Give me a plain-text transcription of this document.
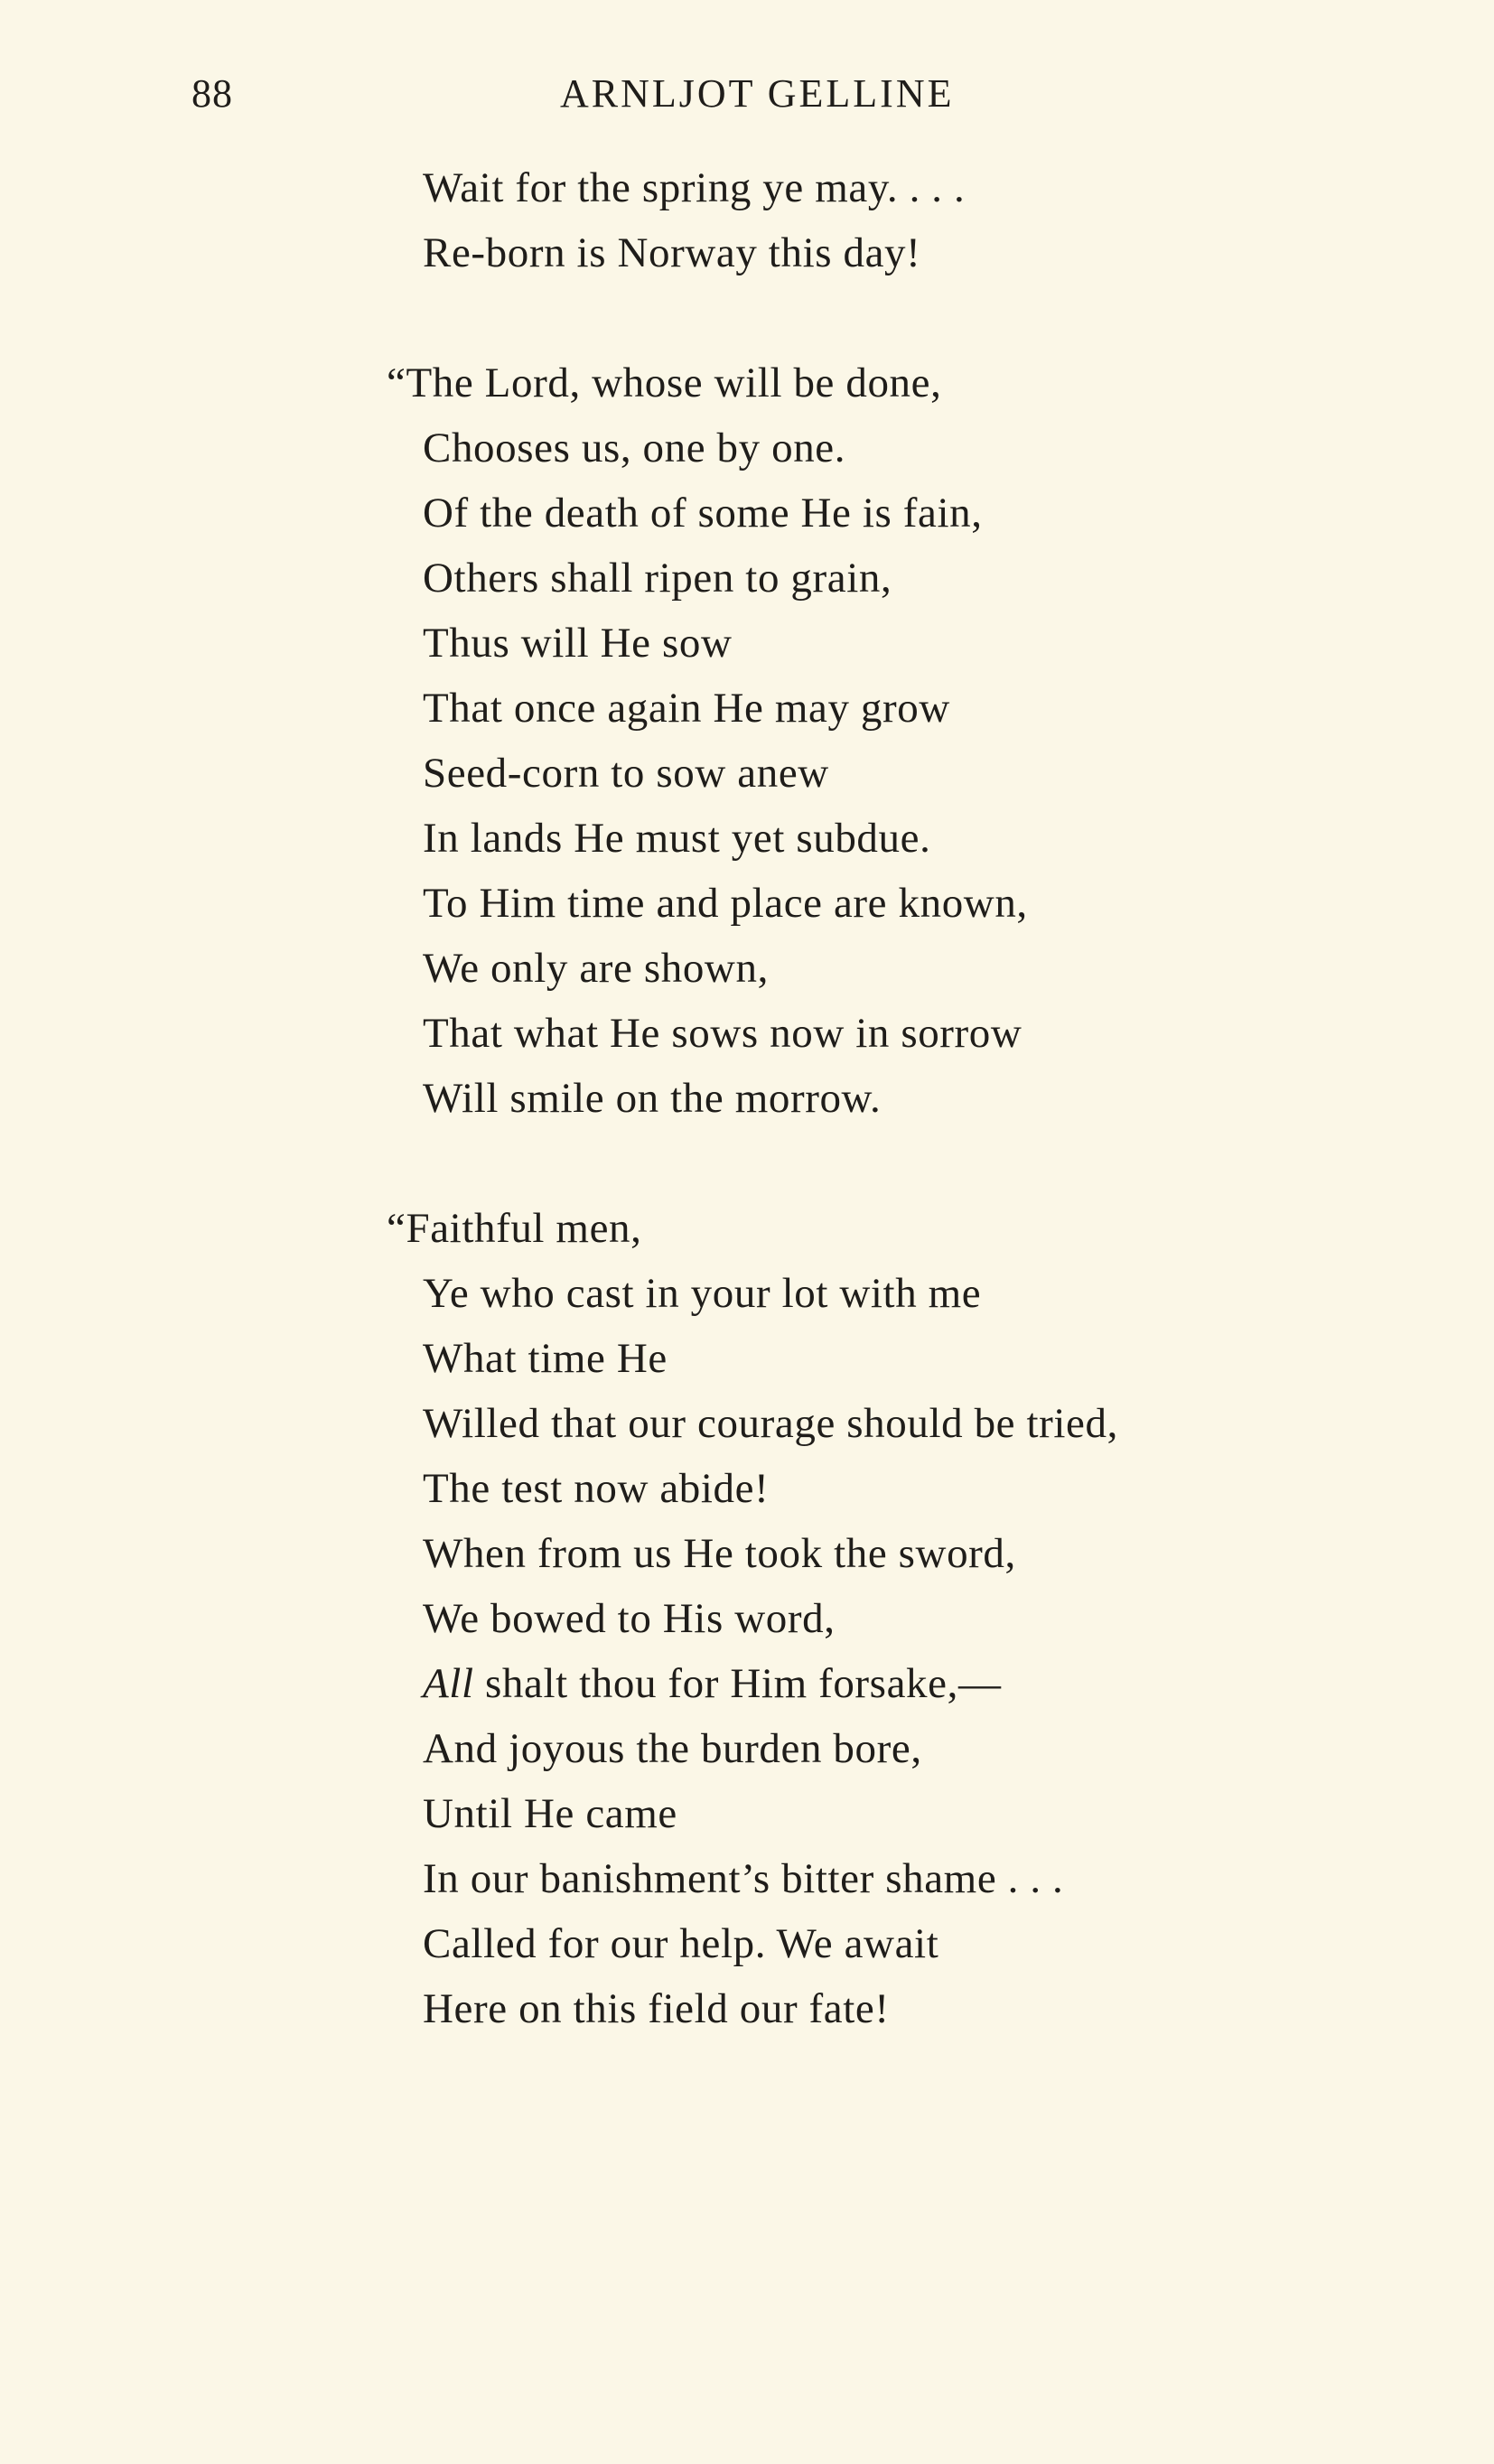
88	ARNLJOT GELLINE

Wait for the spring ye may. . . .
Re-born is Norway this day!

“The Lord, whose will be done,
Chooses us, one by one.
Of the death of some He is fain,
Others shall ripen to grain,
Thus will He sow
That once again He may grow
Seed-corn to sow anew
In lands He must yet subdue.
To Him time and place are known,
We only are shown,
That what He sows now in sorrow
Will smile on the morrow.

“Faithful men,
Ye who cast in your lot with me
What time He
Willed that our courage should be tried,
The test now abide!
When from us He took the sword,
We bowed to His word,
All shalt thou for Him forsake,—
And joyous the burden bore,
Until He came
In our banishment’s bitter shame . . .
Called for our help. We await
Here on this field our fate!
